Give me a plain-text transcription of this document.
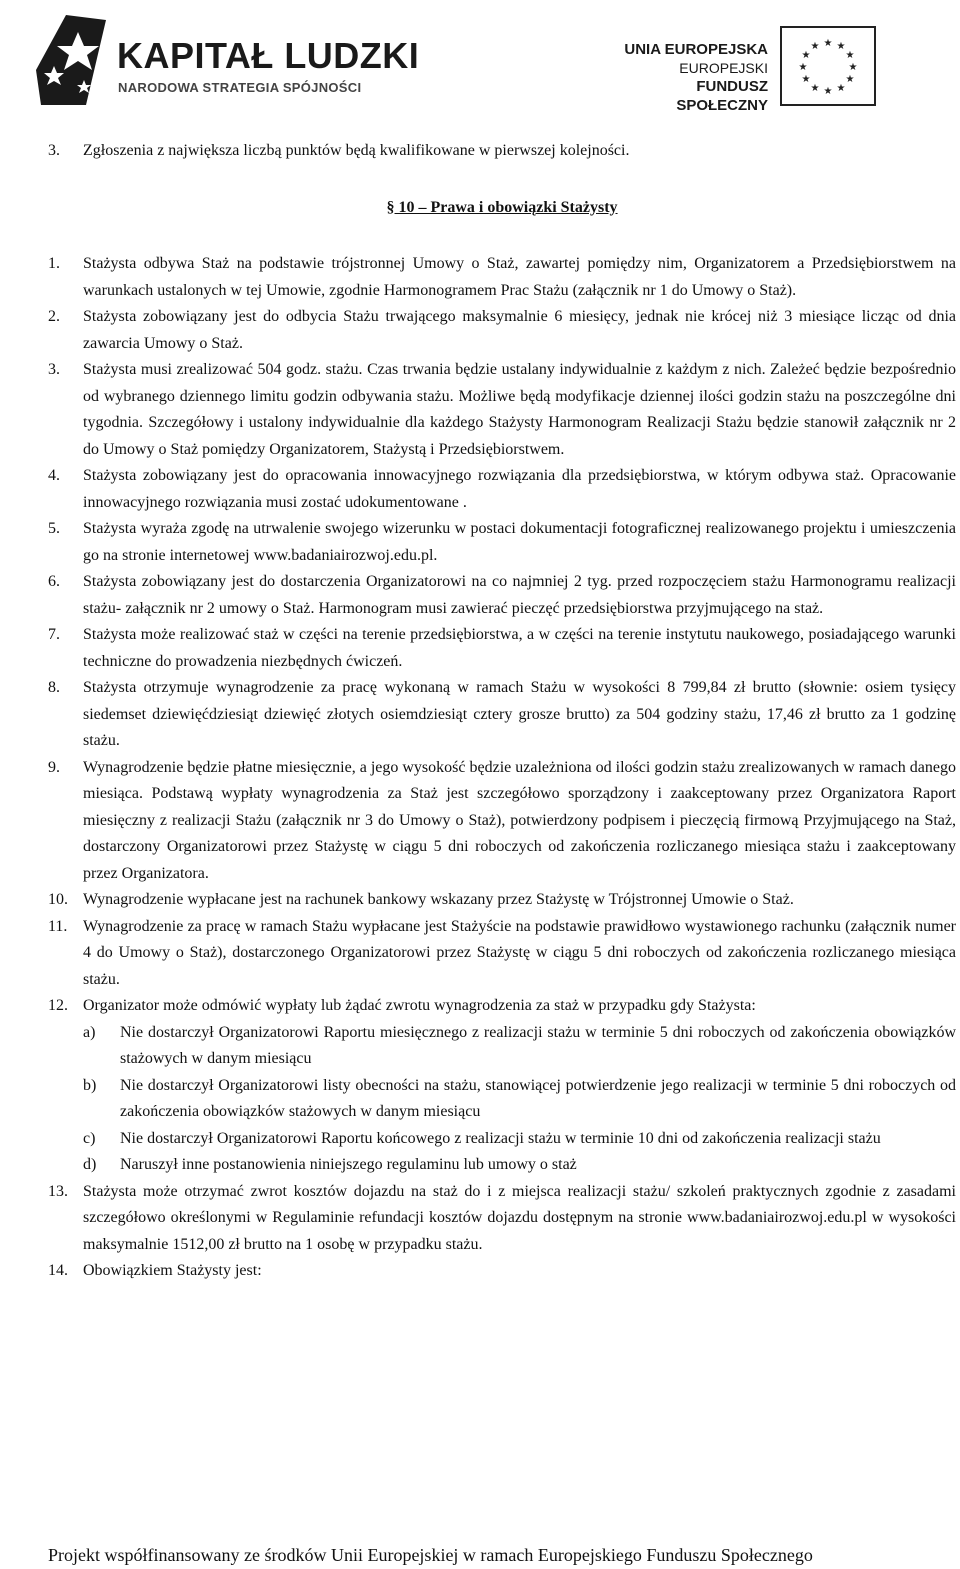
KAPITAŁ LUDZKI
NARODOWA STRATEGIA SPÓJNOŚCI
UNIA EUROPEJSKA
EUROPEJSKI
FUNDUSZ SPOŁECZNY
★ ★
★
★
★
★
★
★
★
★
★
★
3. Zgłoszenia z największa liczbą punktów będą kwalifikowane w pierwszej kolejności.
§ 10 – Prawa i obowiązki Stażysty
1. Stażysta odbywa Staż na podstawie trójstronnej Umowy o Staż, zawartej pomiędzy nim, Organizatorem a Przedsiębiorstwem na warunkach ustalonych w tej Umowie, zgodnie Harmonogramem Prac Stażu (załącznik nr 1 do Umowy o Staż).
2. Stażysta zobowiązany jest do odbycia Stażu trwającego maksymalnie 6 miesięcy, jednak nie krócej niż 3 miesiące licząc od dnia zawarcia Umowy o Staż.
3. Stażysta musi zrealizować 504 godz. stażu. Czas trwania będzie ustalany indywidualnie z każdym z nich. Zależeć będzie bezpośrednio od wybranego dziennego limitu godzin odbywania stażu. Możliwe będą modyfikacje dziennej ilości godzin stażu na poszczególne dni tygodnia. Szczegółowy i ustalony indywidualnie dla każdego Stażysty Harmonogram Realizacji Stażu będzie stanowił załącznik nr 2 do Umowy o Staż pomiędzy Organizatorem, Stażystą i Przedsiębiorstwem.
4. Stażysta zobowiązany jest do opracowania innowacyjnego rozwiązania dla przedsiębiorstwa, w którym odbywa staż. Opracowanie innowacyjnego rozwiązania musi zostać udokumentowane .
5. Stażysta wyraża zgodę na utrwalenie swojego wizerunku w postaci dokumentacji fotograficznej realizowanego projektu i umieszczenia go na stronie internetowej www.badaniairozwoj.edu.pl.
6. Stażysta zobowiązany jest do dostarczenia Organizatorowi na co najmniej 2 tyg. przed rozpoczęciem stażu Harmonogramu realizacji stażu- załącznik nr 2 umowy o Staż. Harmonogram musi zawierać pieczęć przedsiębiorstwa przyjmującego na staż.
7. Stażysta może realizować staż w części na terenie przedsiębiorstwa, a w części na terenie instytutu naukowego, posiadającego warunki techniczne do prowadzenia niezbędnych ćwiczeń.
8. Stażysta otrzymuje wynagrodzenie za pracę wykonaną w ramach Stażu w wysokości 8 799,84 zł brutto (słownie: osiem tysięcy siedemset dziewięćdziesiąt dziewięć złotych osiemdziesiąt cztery grosze brutto) za 504 godziny stażu, 17,46 zł brutto za 1 godzinę stażu.
9. Wynagrodzenie będzie płatne miesięcznie, a jego wysokość będzie uzależniona od ilości godzin stażu zrealizowanych w ramach danego miesiąca. Podstawą wypłaty wynagrodzenia za Staż jest szczegółowo sporządzony i zaakceptowany przez Organizatora Raport miesięczny z realizacji Stażu (załącznik nr 3 do Umowy o Staż), potwierdzony podpisem i pieczęcią firmową Przyjmującego na Staż, dostarczony Organizatorowi przez Stażystę w ciągu 5 dni roboczych od zakończenia rozliczanego miesiąca stażu i zaakceptowany przez Organizatora.
10. Wynagrodzenie wypłacane jest na rachunek bankowy wskazany przez Stażystę w Trójstronnej Umowie o Staż.
11. Wynagrodzenie za pracę w ramach Stażu wypłacane jest Stażyście na podstawie prawidłowo wystawionego rachunku (załącznik numer 4 do Umowy o Staż), dostarczonego Organizatorowi przez Stażystę w ciągu 5 dni roboczych od zakończenia rozliczanego miesiąca stażu.
12. Organizator może odmówić wypłaty lub żądać zwrotu wynagrodzenia za staż w przypadku gdy Stażysta:
a) Nie dostarczył Organizatorowi Raportu miesięcznego z realizacji stażu w terminie 5 dni roboczych od zakończenia obowiązków stażowych w danym miesiącu
b) Nie dostarczył Organizatorowi listy obecności na stażu, stanowiącej potwierdzenie jego realizacji w terminie 5 dni roboczych od zakończenia obowiązków stażowych w danym miesiącu
c) Nie dostarczył Organizatorowi Raportu końcowego z realizacji stażu w terminie 10 dni od zakończenia realizacji stażu
d) Naruszył inne postanowienia niniejszego regulaminu lub umowy o staż
13. Stażysta może otrzymać zwrot kosztów dojazdu na staż do i z miejsca realizacji stażu/ szkoleń praktycznych zgodnie z zasadami szczegółowo określonymi w Regulaminie refundacji kosztów dojazdu dostępnym na stronie www.badaniairozwoj.edu.pl w wysokości maksymalnie 1512,00 zł brutto na 1 osobę w przypadku stażu.
14. Obowiązkiem Stażysty jest:
Projekt współfinansowany ze środków Unii Europejskiej w ramach Europejskiego Funduszu Społecznego
